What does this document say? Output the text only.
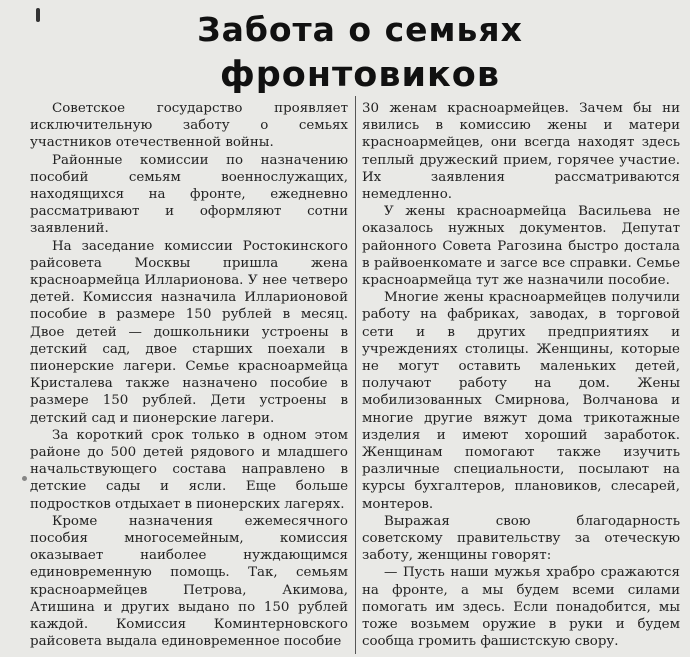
Забота о семьях
фронтовиков

Советское государство проявляет исключительную заботу о семьях участников отечественной войны.

Районные комиссии по назначению пособий семьям военнослужащих, находящихся на фронте, ежедневно рассматривают и оформляют сотни заявлений.

На заседание комиссии Ростокинского райсовета Москвы пришла жена красноармейца Илларионова. У нее четверо детей. Комиссия назначила Илларионовой пособие в размере 150 рублей в месяц. Двое детей — дошкольники устроены в детский сад, двое старших поехали в пионерские лагери. Семье красноармейца Кристалева также назначено пособие в размере 150 рублей. Дети устроены в детский сад и пионерские лагери.

За короткий срок только в одном этом районе до 500 детей рядового и младшего начальствующего состава направлено в детские сады и ясли. Еще больше подростков отдыхает в пионерских лагерях.

Кроме назначения ежемесячного пособия многосемейным, комиссия оказывает наиболее нуждающимся единовременную помощь. Так, семьям красноармейцев Петрова, Акимова, Атишина и других выдано по 150 рублей каждой. Комиссия Коминтерновского райсовета выдала единовременное пособие

30 женам красноармейцев. Зачем бы ни явились в комиссию жены и матери красноармейцев, они всегда находят здесь теплый дружеский прием, горячее участие. Их заявления рассматриваются немедленно.

У жены красноармейца Васильева не оказалось нужных документов. Депутат районного Совета Рагозина быстро достала в райвоенкомате и загсе все справки. Семье красноармейца тут же назначили пособие.

Многие жены красноармейцев получили работу на фабриках, заводах, в торговой сети и в других предприятиях и учреждениях столицы. Женщины, которые не могут оставить маленьких детей, получают работу на дом. Жены мобилизованных Смирнова, Волчанова и многие другие вяжут дома трикотажные изделия и имеют хороший заработок. Женщинам помогают также изучить различные специальности, посылают на курсы бухгалтеров, плановиков, слесарей, монтеров.

Выражая свою благодарность советскому правительству за отеческую заботу, женщины говорят:

— Пусть наши мужья храбро сражаются на фронте, а мы будем всеми силами помогать им здесь. Если понадобится, мы тоже возьмем оружие в руки и будем сообща громить фашистскую свору.
